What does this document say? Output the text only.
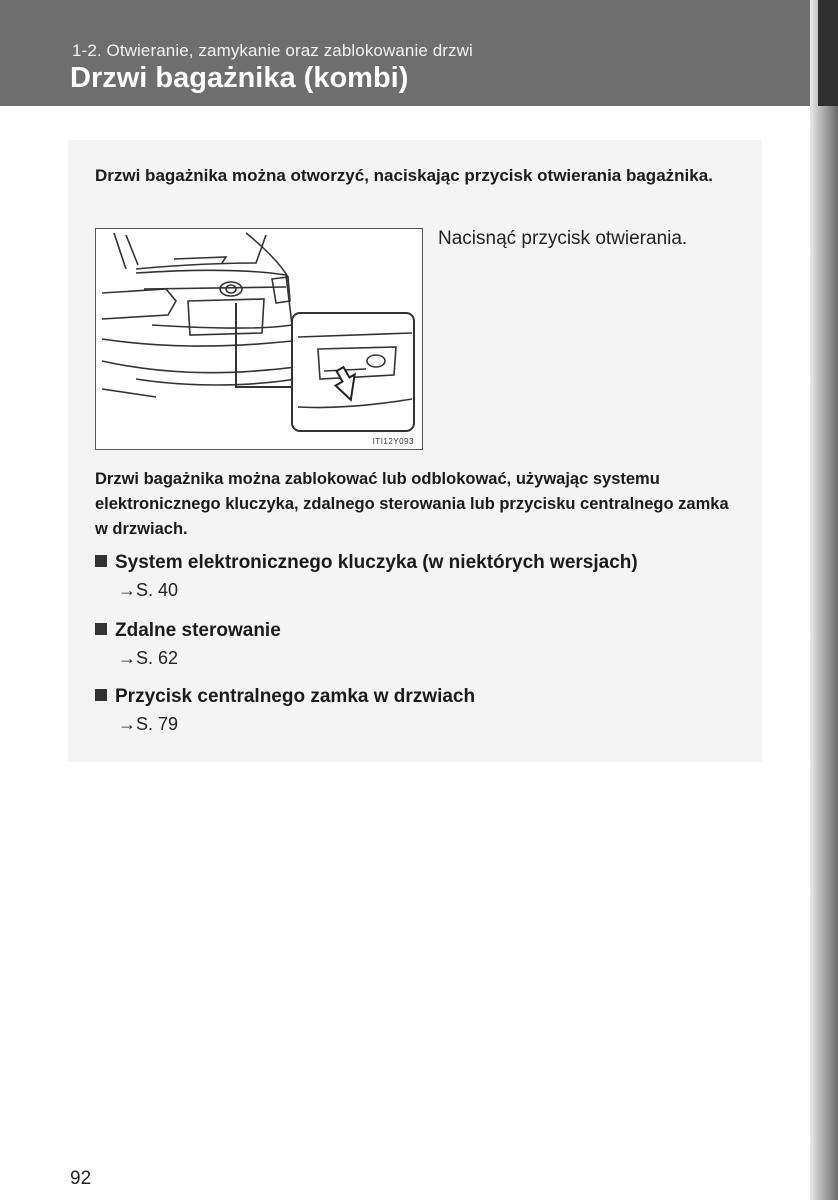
1-2. Otwieranie, zamykanie oraz zablokowanie drzwi
Drzwi bagażnika (kombi)
Drzwi bagażnika można otworzyć, naciskając przycisk otwierania bagażnika.
ITI12Y093
Nacisnąć przycisk otwierania.
Drzwi bagażnika można zablokować lub odblokować, używając systemu elektronicznego kluczyka, zdalnego sterowania lub przycisku centralnego zamka w drzwiach.
System elektronicznego kluczyka (w niektórych wersjach)
→S. 40
Zdalne sterowanie
→S. 62
Przycisk centralnego zamka w drzwiach
→S. 79
92
